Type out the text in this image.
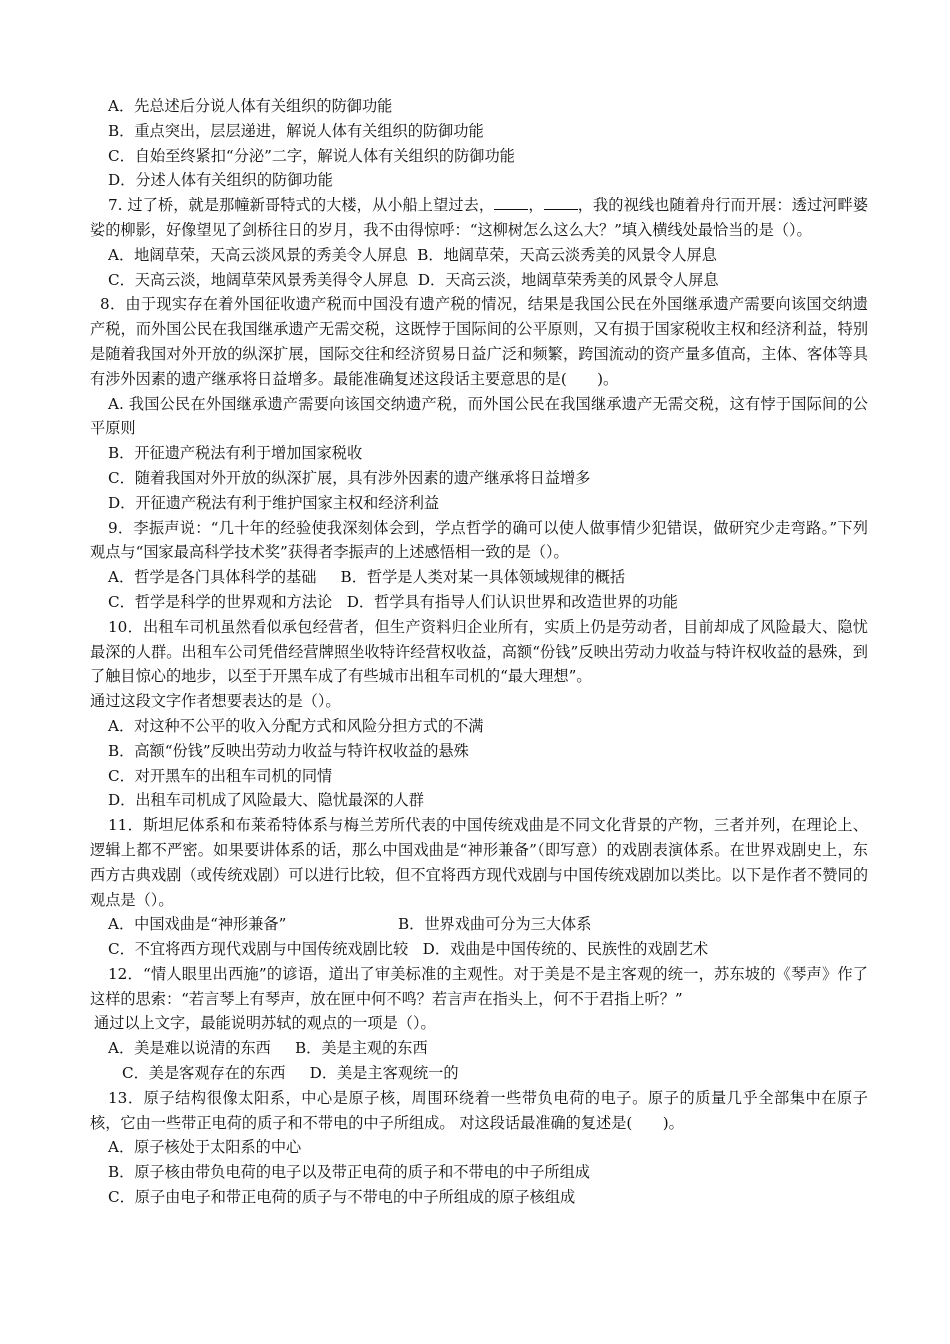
A．先总述后分说人体有关组织的防御功能
B．重点突出，层层递进，解说人体有关组织的防御功能
C．自始至终紧扣“分泌”二字，解说人体有关组织的防御功能
D．分述人体有关组织的防御功能
7. 过了桥，就是那幢新哥特式的大楼，从小船上望过去， ， ，我的视线也随着舟行而开展：透过河畔婆娑的柳影，好像望见了剑桥往日的岁月，我不由得惊呼：“这柳树怎么这么大？”填入横线处最恰当的是（）。
A．地阔草荣，天高云淡风景的秀美令人屏息 B．地阔草荣，天高云淡秀美的风景令人屏息
C．天高云淡，地阔草荣风景秀美得令人屏息 D．天高云淡，地阔草荣秀美的风景令人屏息
8．由于现实存在着外国征收遗产税而中国没有遗产税的情况，结果是我国公民在外国继承遗产需要向该国交纳遗产税，而外国公民在我国继承遗产无需交税，这既悖于国际间的公平原则，又有损于国家税收主权和经济利益，特别是随着我国对外开放的纵深扩展，国际交往和经济贸易日益广泛和频繁，跨国流动的资产量多值高，主体、客体等具有涉外因素的遗产继承将日益增多。最能准确复述这段话主要意思的是(　　)。
A. 我国公民在外国继承遗产需要向该国交纳遗产税，而外国公民在我国继承遗产无需交税，这有悖于国际间的公平原则
B．开征遗产税法有利于增加国家税收
C．随着我国对外开放的纵深扩展，具有涉外因素的遗产继承将日益增多
D．开征遗产税法有利于维护国家主权和经济利益
9．李振声说：“几十年的经验使我深刻体会到，学点哲学的确可以使人做事情少犯错误，做研究少走弯路。”下列观点与“国家最高科学技术奖”获得者李振声的上述感悟相一致的是（）。
A．哲学是各门具体科学的基础 B．哲学是人类对某一具体领域规律的概括
C．哲学是科学的世界观和方法论 D．哲学具有指导人们认识世界和改造世界的功能
10．出租车司机虽然看似承包经营者，但生产资料归企业所有，实质上仍是劳动者，目前却成了风险最大、隐忧最深的人群。出租车公司凭借经营牌照坐收特许经营权收益，高额“份钱”反映出劳动力收益与特许权收益的悬殊，到了触目惊心的地步，以至于开黑车成了有些城市出租车司机的“最大理想”。
通过这段文字作者想要表达的是（）。
A．对这种不公平的收入分配方式和风险分担方式的不满
B．高额“份钱”反映出劳动力收益与特许权收益的悬殊
C．对开黑车的出租车司机的同情
D．出租车司机成了风险最大、隐忧最深的人群
11．斯坦尼体系和布莱希特体系与梅兰芳所代表的中国传统戏曲是不同文化背景的产物，三者并列，在理论上、逻辑上都不严密。如果要讲体系的话，那么中国戏曲是“神形兼备”（即写意）的戏剧表演体系。在世界戏剧史上，东西方古典戏剧（或传统戏剧）可以进行比较，但不宜将西方现代戏剧与中国传统戏剧加以类比。以下是作者不赞同的观点是（）。
A．中国戏曲是“神形兼备”	B．世界戏曲可分为三大体系
C．不宜将西方现代戏剧与中国传统戏剧比较 D．戏曲是中国传统的、民族性的戏剧艺术
12．“情人眼里出西施”的谚语，道出了审美标准的主观性。对于美是不是主客观的统一，苏东坡的《琴声》作了这样的思索：“若言琴上有琴声，放在匣中何不鸣？若言声在指头上，何不于君指上听？”
通过以上文字，最能说明苏轼的观点的一项是（）。
A．美是难以说清的东西 B．美是主观的东西
C．美是客观存在的东西 D．美是主客观统一的
13．原子结构很像太阳系，中心是原子核，周围环绕着一些带负电荷的电子。原子的质量几乎全部集中在原子核，它由一些带正电荷的质子和不带电的中子所组成。 对这段话最准确的复述是(　　)。
A．原子核处于太阳系的中心
B．原子核由带负电荷的电子以及带正电荷的质子和不带电的中子所组成
C．原子由电子和带正电荷的质子与不带电的中子所组成的原子核组成
